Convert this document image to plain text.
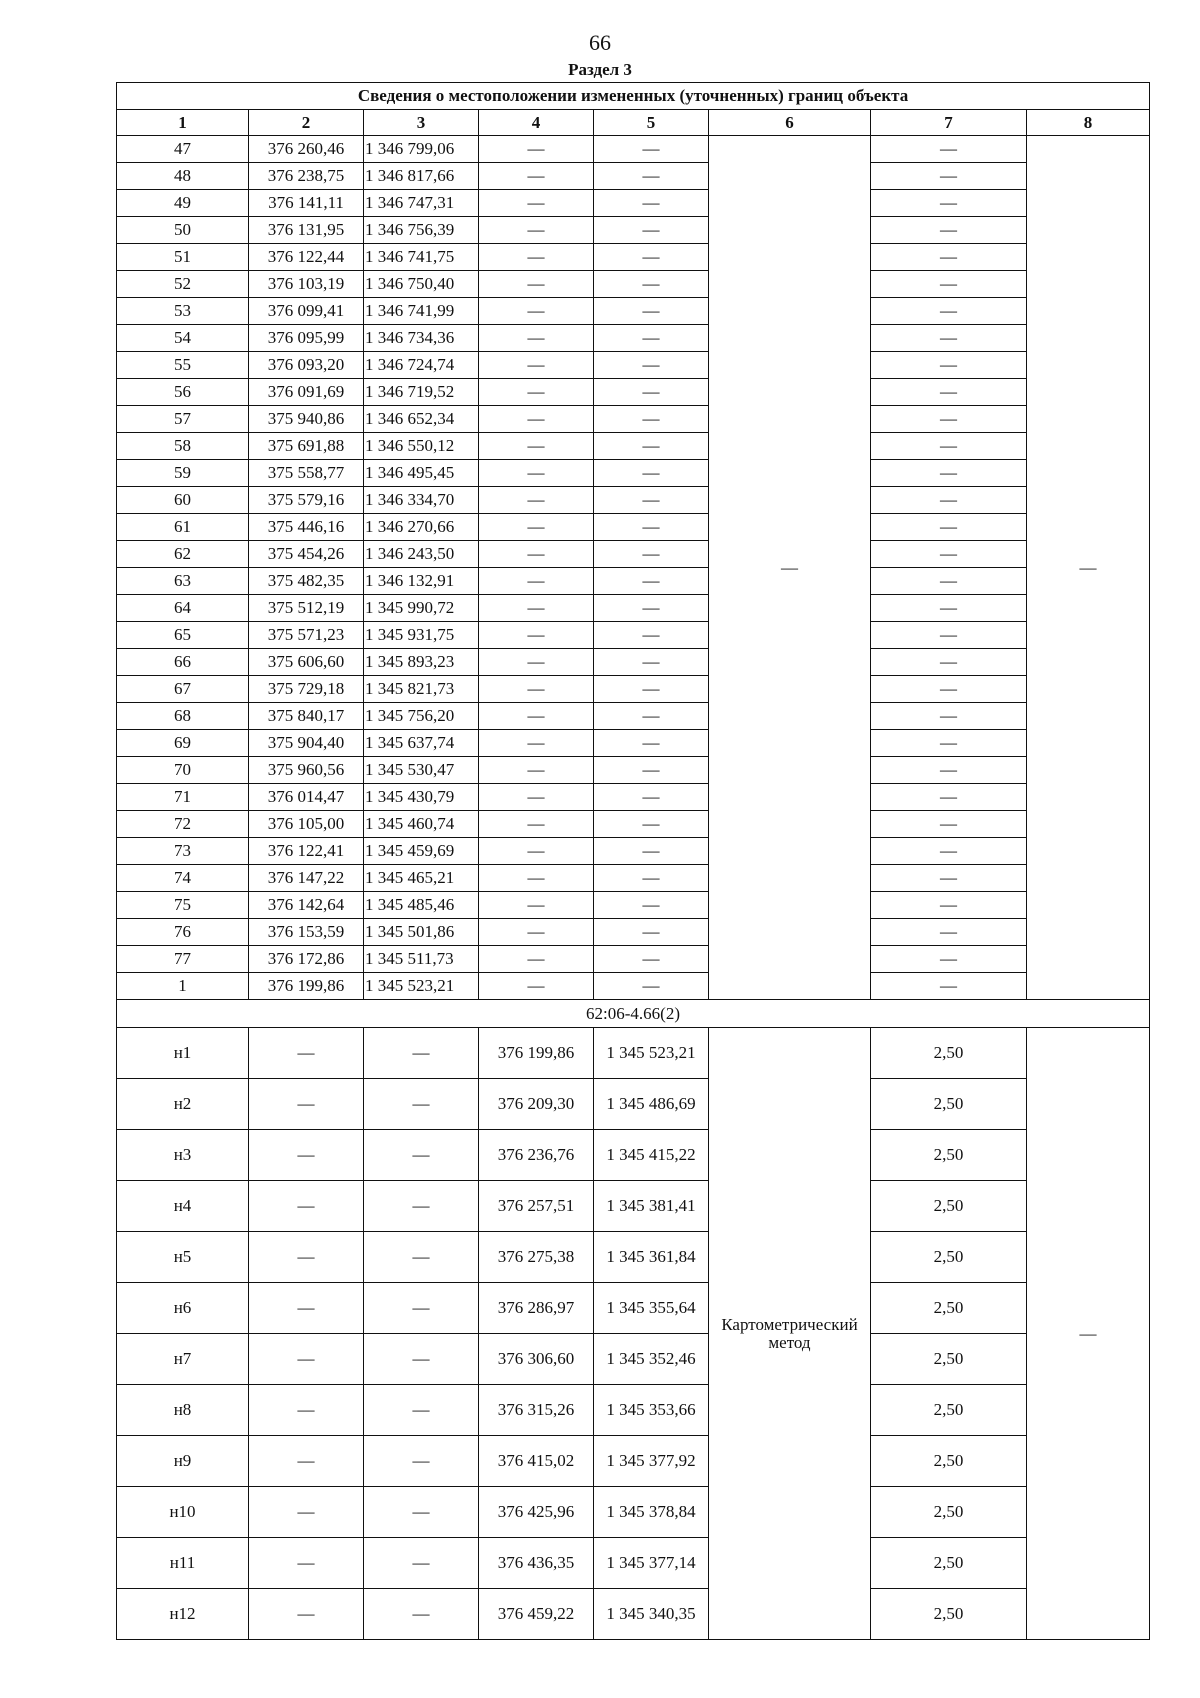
66
Раздел 3
Сведения о местоположении измененных (уточненных) границ объекта							
1	2	3	4	5	6	7	8
47	376 260,46	1 346 799,06	—	—	—	—	—
48	376 238,75	1 346 817,66	—	—		—	
49	376 141,11	1 346 747,31	—	—		—	
50	376 131,95	1 346 756,39	—	—		—	
51	376 122,44	1 346 741,75	—	—		—	
52	376 103,19	1 346 750,40	—	—		—	
53	376 099,41	1 346 741,99	—	—		—	
54	376 095,99	1 346 734,36	—	—		—	
55	376 093,20	1 346 724,74	—	—		—	
56	376 091,69	1 346 719,52	—	—		—	
57	375 940,86	1 346 652,34	—	—		—	
58	375 691,88	1 346 550,12	—	—		—	
59	375 558,77	1 346 495,45	—	—		—	
60	375 579,16	1 346 334,70	—	—		—	
61	375 446,16	1 346 270,66	—	—		—	
62	375 454,26	1 346 243,50	—	—		—	
63	375 482,35	1 346 132,91	—	—		—	
64	375 512,19	1 345 990,72	—	—		—	
65	375 571,23	1 345 931,75	—	—		—	
66	375 606,60	1 345 893,23	—	—		—	
67	375 729,18	1 345 821,73	—	—		—	
68	375 840,17	1 345 756,20	—	—		—	
69	375 904,40	1 345 637,74	—	—		—	
70	375 960,56	1 345 530,47	—	—		—	
71	376 014,47	1 345 430,79	—	—		—	
72	376 105,00	1 345 460,74	—	—		—	
73	376 122,41	1 345 459,69	—	—		—	
74	376 147,22	1 345 465,21	—	—		—	
75	376 142,64	1 345 485,46	—	—		—	
76	376 153,59	1 345 501,86	—	—		—	
77	376 172,86	1 345 511,73	—	—		—	
1	376 199,86	1 345 523,21	—	—		—	
62:06-4.66(2)							
н1	—	—	376 199,86	1 345 523,21	Картометрический метод	2,50	—
н2	—	—	376 209,30	1 345 486,69		2,50	
н3	—	—	376 236,76	1 345 415,22		2,50	
н4	—	—	376 257,51	1 345 381,41		2,50	
н5	—	—	376 275,38	1 345 361,84		2,50	
н6	—	—	376 286,97	1 345 355,64		2,50	
н7	—	—	376 306,60	1 345 352,46		2,50	
н8	—	—	376 315,26	1 345 353,66		2,50	
н9	—	—	376 415,02	1 345 377,92		2,50	
н10	—	—	376 425,96	1 345 378,84		2,50	
н11	—	—	376 436,35	1 345 377,14		2,50	
н12	—	—	376 459,22	1 345 340,35		2,50	
